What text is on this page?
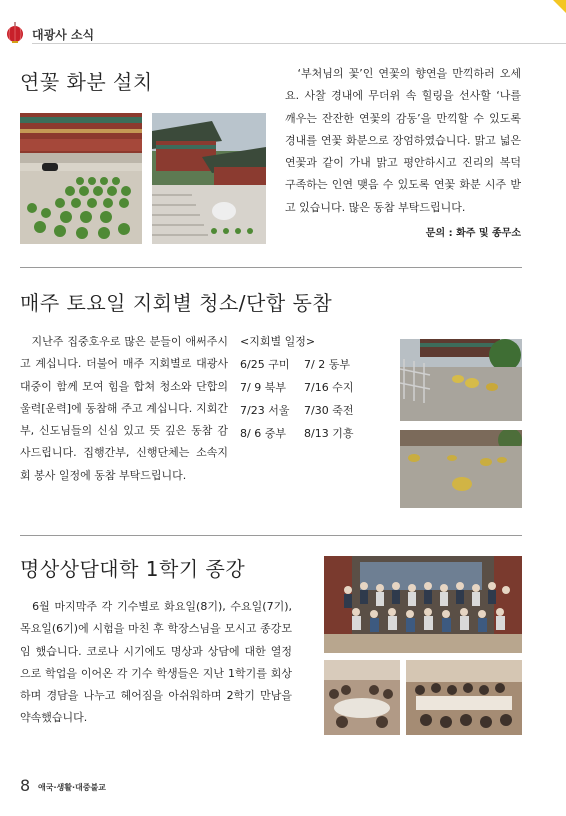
대광사 소식
연꽃 화분 설치	　‘부처님의 꽃’인 연꽃의 향연을 만끽하러 오세요. 사찰 경내에 무더위 속 힐링을 선사할 ‘나를 깨우는 잔잔한 연꽃의 감동’을 만끽할 수 있도록 경내를 연꽃 화분으로 장엄하였습니다. 맑고 넓은 연꽃과 같이 가내 맑고 평안하시고 진리의 복덕 구족하는 인연 맺음 수 있도록 연꽃 화분 시주 받고 있습니다. 많은 동참 부탁드립니다.
문의 : 화주 및 종무소
매주 토요일 지회별 청소/단합 동참
　지난주 집중호우로 많은 분들이 애써주시고 계십니다. 더불어 매주 지회별로 대광사 대중이 함께 모여 힘을 합쳐 청소와 단합의 울력[운력]에 동참해 주고 계십니다. 지회간부, 신도님들의 신심 있고 뜻 깊은 동참 감사드립니다. 집행간부, 신행단체는 소속지회 봉사 일정에 동참 부탁드립니다.
<지회별 일정>
6/25 구미	7/ 2 동부
7/ 9 북부	7/16 수지
7/23 서울	7/30 죽전
8/ 6 중부	8/13 기흥
명상상담대학 1학기 종강
　6월 마지막주 각 기수별로 화요일(8기), 수요일(7기), 목요일(6기)에 시험을 마친 후 학장스님을 모시고 종강모임 했습니다. 코로나 시기에도 명상과 상담에 대한 열정으로 학업을 이어온 각 기수 학생들은 지난 1학기를 회상하며 경담을 나누고 헤어짐을 아쉬워하며 2학기 만남을 약속했습니다.
8 애국·생활·대중불교
